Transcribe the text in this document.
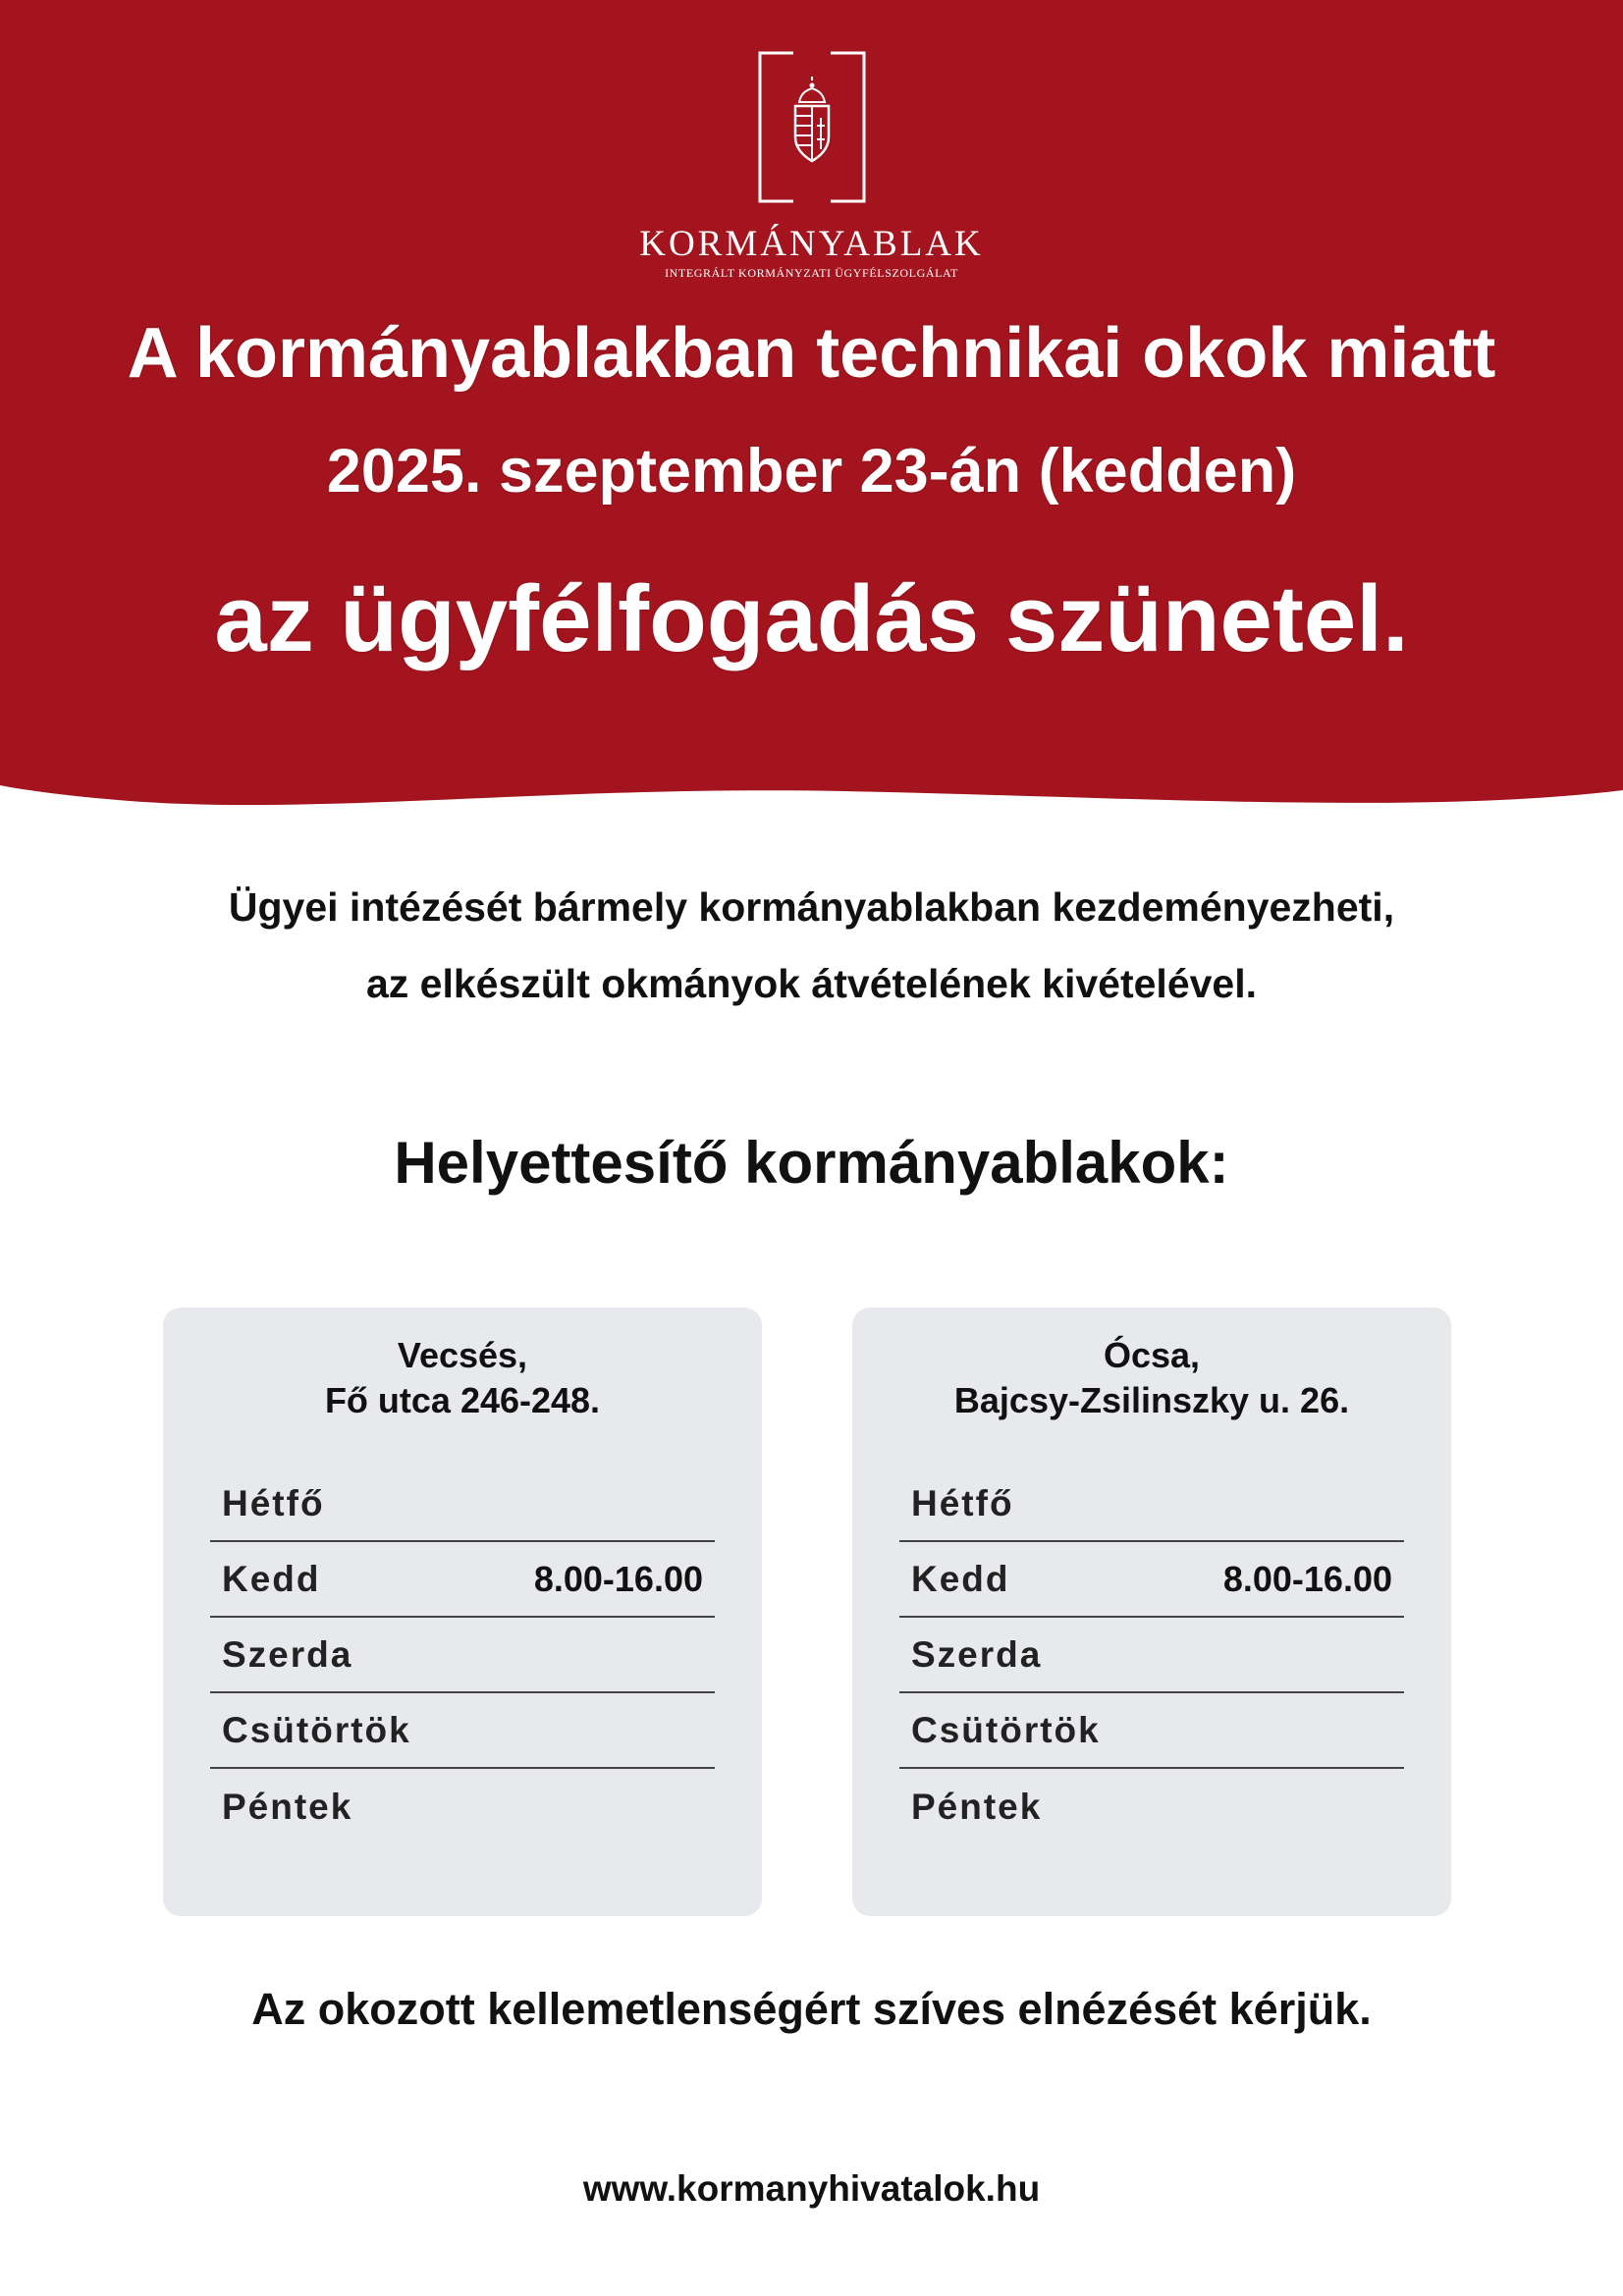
KORMÁNYABLAK
INTEGRÁLT KORMÁNYZATI ÜGYFÉLSZOLGÁLAT
A kormányablakban technikai okok miatt
2025. szeptember 23-án (kedden)
az ügyfélfogadás szünetel.
Ügyei intézését bármely kormányablakban kezdeményezheti,
az elkészült okmányok átvételének kivételével.
Helyettesítő kormányablakok:
Vecsés,
Fő utca 246-248.
Hétfő
Kedd	8.00-16.00
Szerda
Csütörtök
Péntek
Ócsa,
Bajcsy-Zsilinszky u. 26.
Hétfő
Kedd	8.00-16.00
Szerda
Csütörtök
Péntek
Az okozott kellemetlenségért szíves elnézését kérjük.
www.kormanyhivatalok.hu
